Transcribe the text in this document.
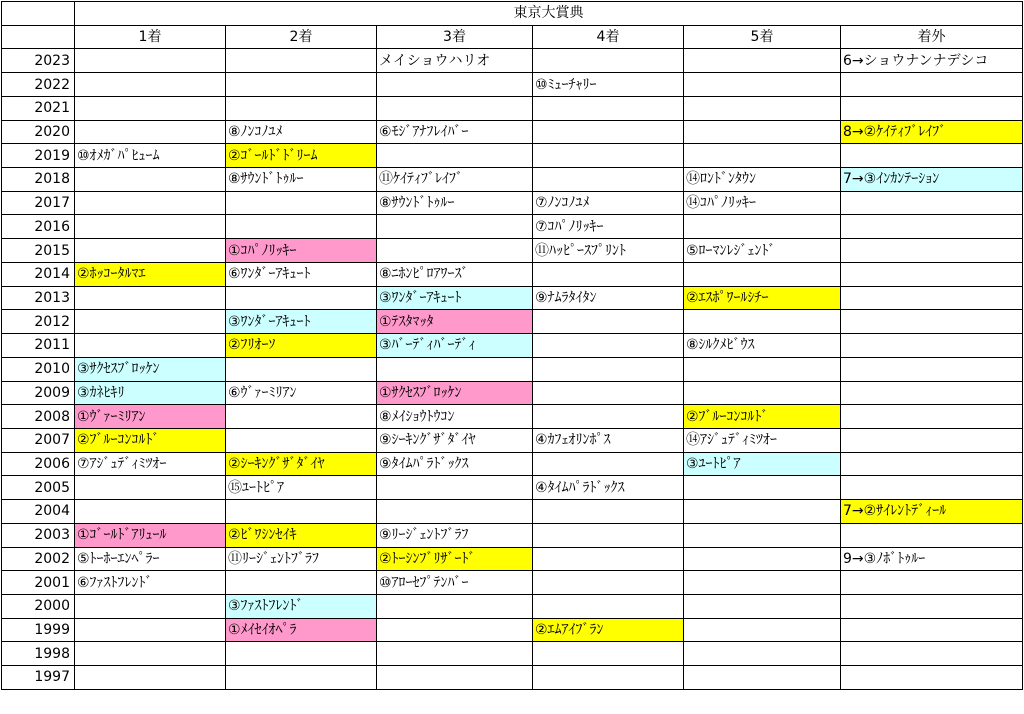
	東京大賞典					
	1着	2着	3着	4着	5着	着外
2023			メイショウハリオ			6→ショウナンナデシコ
2022				⑩ﾐｭｰﾁｬﾘｰ		
2021						
2020		⑧ﾉﾝｺﾉﾕﾒ	⑥ﾓｼﾞｱﾅﾌﾚｲﾊﾞｰ			8→②ｹｲﾃｨﾌﾞﾚｲﾌﾞ
2019	⑩ｵﾒｶﾞﾊﾟﾋｭｰﾑ	②ｺﾞｰﾙﾄﾞﾄﾞﾘｰﾑ				
2018		⑧ｻｳﾝﾄﾞﾄｩﾙｰ	⑪ｹｲﾃｨﾌﾞﾚｲﾌﾞ		⑭ﾛﾝﾄﾞﾝﾀｳﾝ	7→③ｲﾝｶﾝﾃｰｼｮﾝ
2017			⑧ｻｳﾝﾄﾞﾄｩﾙｰ	⑦ﾉﾝｺﾉﾕﾒ	⑭ｺﾊﾟﾉﾘｯｷｰ	
2016				⑦ｺﾊﾟﾉﾘｯｷｰ		
2015		①ｺﾊﾟﾉﾘｯｷｰ		⑪ﾊｯﾋﾟｰｽﾌﾟﾘﾝﾄ	⑤ﾛｰﾏﾝﾚｼﾞｪﾝﾄﾞ	
2014	②ﾎｯｺｰﾀﾙﾏｴ	⑥ﾜﾝﾀﾞｰｱｷｭｰﾄ	⑧ﾆﾎﾝﾋﾟﾛｱﾜｰｽﾞ			
2013			③ﾜﾝﾀﾞｰｱｷｭｰﾄ	⑨ﾅﾑﾗﾀｲﾀﾝ	②ｴｽﾎﾟﾜｰﾙｼﾁｰ	
2012		③ﾜﾝﾀﾞｰｱｷｭｰﾄ	①ﾃｽﾀﾏｯﾀ			
2011		②ﾌﾘｵｰｿ	③ﾊﾞｰﾃﾞｨﾊﾞｰﾃﾞｨ		⑧ｼﾙｸﾒﾋﾞｳｽ	
2010	③ｻｸｾｽﾌﾞﾛｯｹﾝ					
2009	③ｶﾈﾋｷﾘ	⑥ｳﾞｧｰﾐﾘｱﾝ	①ｻｸｾｽﾌﾞﾛｯｹﾝ			
2008	①ｳﾞｧｰﾐﾘｱﾝ		⑧ﾒｲｼｮｳﾄｳｺﾝ		②ﾌﾞﾙｰｺﾝｺﾙﾄﾞ	
2007	②ﾌﾞﾙｰｺﾝｺﾙﾄﾞ		⑨ｼｰｷﾝｸﾞｻﾞﾀﾞｲﾔ	④ｶﾌｪｵﾘﾝﾎﾟｽ	⑭ｱｼﾞｭﾃﾞｨﾐﾂｵｰ	
2006	⑦ｱｼﾞｭﾃﾞｨﾐﾂｵｰ	②ｼｰｷﾝｸﾞｻﾞﾀﾞｲﾔ	⑨ﾀｲﾑﾊﾟﾗﾄﾞｯｸｽ		③ﾕｰﾄﾋﾟｱ	
2005		⑮ﾕｰﾄﾋﾟｱ		④ﾀｲﾑﾊﾟﾗﾄﾞｯｸｽ		
2004						7→②ｻｲﾚﾝﾄﾃﾞｨｰﾙ
2003	①ｺﾞｰﾙﾄﾞｱﾘｭｰﾙ	②ﾋﾞﾜｼﾝｾｲｷ	⑨ﾘｰｼﾞｪﾝﾄﾌﾞﾗﾌ			
2002	⑤ﾄｰﾎｰｴﾝﾍﾟﾗｰ	⑪ﾘｰｼﾞｪﾝﾄﾌﾞﾗﾌ	②ﾄｰｼﾝﾌﾞﾘｻﾞｰﾄﾞ			9→③ﾉﾎﾞﾄｩﾙｰ
2001	⑥ﾌｧｽﾄﾌﾚﾝﾄﾞ		⑩ｱﾛｰｾﾌﾟﾃﾝﾊﾞｰ			
2000		③ﾌｧｽﾄﾌﾚﾝﾄﾞ				
1999		①ﾒｲｾｲｵﾍﾟﾗ		②ｴﾑｱｲﾌﾞﾗﾝ		
1998						
1997						
